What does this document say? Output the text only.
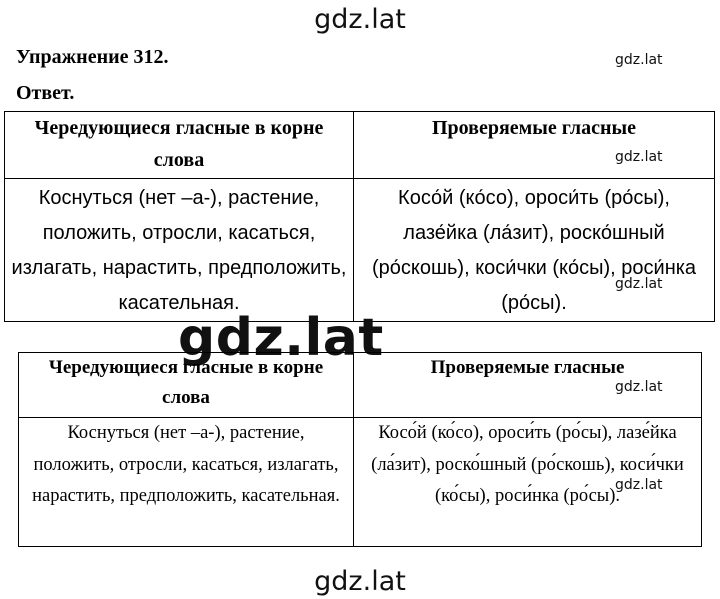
gdz.lat
Упражнение 312.
Ответ.
Чередующиеся гласные в корне слова	Проверяемые гласные
Коснуться (нет –а-), растение, положить, отросли, касаться, излагать, нарастить, предположить, касательная.	Косо́й (ко́со), ороси́ть (ро́сы), лазе́йка (ла́зит), роско́шный (ро́скошь), коси́чки (ко́сы), роси́нка (ро́сы).
gdz.lat
Чередующиеся гласные в корне слова	Проверяемые гласные
Коснуться (нет –а-), растение, положить, отросли, касаться, излагать, нарастить, предположить, касательная.	Косо́й (ко́со), ороси́ть (ро́сы), лазе́йка (ла́зит), роско́шный (ро́скошь), коси́чки (ко́сы), роси́нка (ро́сы).
gdz.lat
gdz.lat
gdz.lat
gdz.lat
gdz.lat
gdz.lat
